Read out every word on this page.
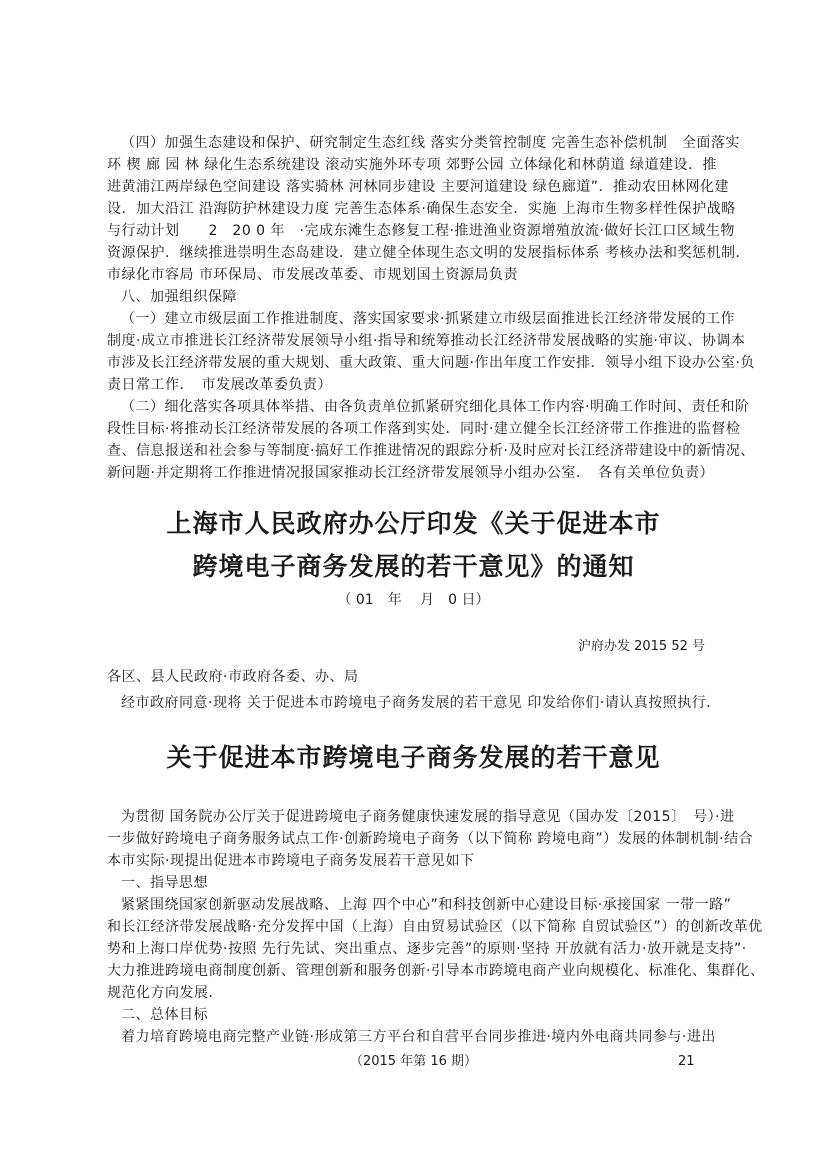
（四）加强生态建设和保护、研究制定生态红线 落实分类管控制度 完善生态补偿机制　全面落实
环 楔 廊 园 林 绿化生态系统建设 滚动实施外环专项 郊野公园 立体绿化和林荫道 绿道建设．推
进黄浦江两岸绿色空间建设 落实骑林 河林同步建设 主要河道建设 绿色廊道”．推动农田林网化建
设．加大沿江 沿海防护林建设力度 完善生态体系·确保生态安全．实施 上海市生物多样性保护战略
与行动计划　　2　20 0 年　·完成东滩生态修复工程·推进渔业资源增殖放流·做好长江口区域生物
资源保护．继续推进崇明生态岛建设．建立健全体现生态文明的发展指标体系 考核办法和奖惩机制．
市绿化市容局 市环保局、市发展改革委、市规划国土资源局负责
八、加强组织保障
（一）建立市级层面工作推进制度、落实国家要求·抓紧建立市级层面推进长江经济带发展的工作
制度·成立市推进长江经济带发展领导小组·指导和统筹推动长江经济带发展战略的实施·审议、协调本
市涉及长江经济带发展的重大规划、重大政策、重大问题·作出年度工作安排．领导小组下设办公室·负
责日常工作．　市发展改革委负责）
（二）细化落实各项具体举措、由各负责单位抓紧研究细化具体工作内容·明确工作时间、责任和阶
段性目标·将推动长江经济带发展的各项工作落到实处．同时·建立健全长江经济带工作推进的监督检
查、信息报送和社会参与等制度·搞好工作推进情况的跟踪分析·及时应对长江经济带建设中的新情况、
新问题·并定期将工作推进情况报国家推动长江经济带发展领导小组办公室．　各有关单位负责）
上海市人民政府办公厅印发《关于促进本市
跨境电子商务发展的若干意见》的通知
（ 01　年　 月　0 日）
沪府办发 2015 52 号
各区、县人民政府·市政府各委、办、局
经市政府同意·现将 关于促进本市跨境电子商务发展的若干意见 印发给你们·请认真按照执行．
关于促进本市跨境电子商务发展的若干意见
为贯彻 国务院办公厅关于促进跨境电子商务健康快速发展的指导意见（国办发〔2015〕　号）·进
一步做好跨境电子商务服务试点工作·创新跨境电子商务（以下简称 跨境电商”）发展的体制机制·结合
本市实际·现提出促进本市跨境电子商务发展若干意见如下
一、指导思想
紧紧围绕国家创新驱动发展战略、上海 四个中心”和科技创新中心建设目标·承接国家 一带一路”
和长江经济带发展战略·充分发挥中国（上海）自由贸易试验区（以下简称 自贸试验区”）的创新改革优
势和上海口岸优势·按照 先行先试、突出重点、逐步完善”的原则·坚持 开放就有活力·放开就是支持”·
大力推进跨境电商制度创新、管理创新和服务创新·引导本市跨境电商产业向规模化、标准化、集群化、
规范化方向发展．
二、总体目标
着力培育跨境电商完整产业链·形成第三方平台和自营平台同步推进·境内外电商共同参与·进出
（2015 年第 16 期）	21
